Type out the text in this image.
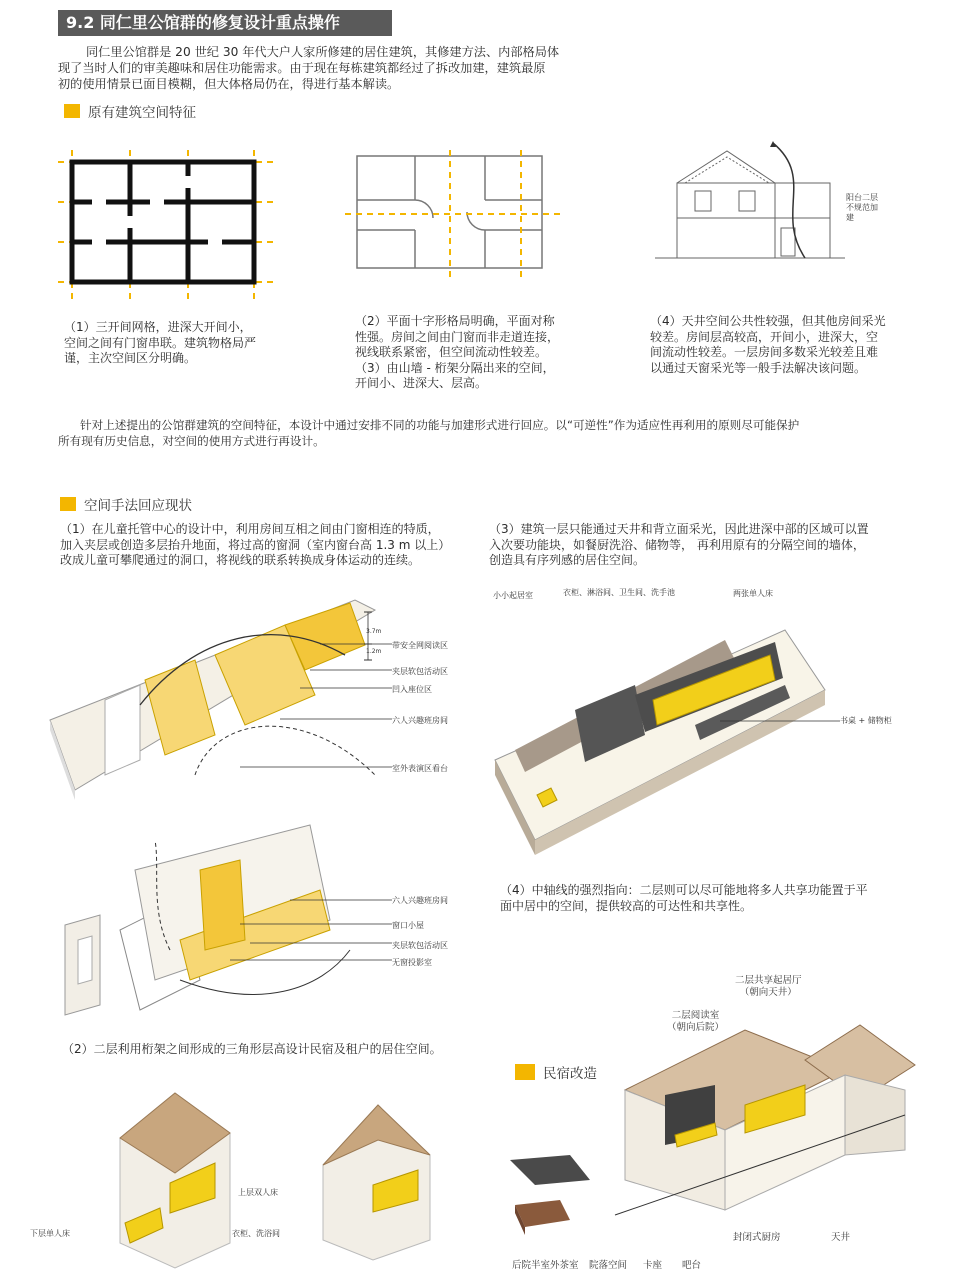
9.2 同仁里公馆群的修复设计重点操作
同仁里公馆群是 20 世纪 30 年代大户人家所修建的居住建筑，其修建方法、内部格局体
现了当时人们的审美趣味和居住功能需求。由于现在每栋建筑都经过了拆改加建，建筑最原
初的使用情景已面目模糊，但大体格局仍在，得进行基本解读。
原有建筑空间特征
阳台二层
不规范加
建
（1）三开间网格，进深大开间小，
空间之间有门窗串联。建筑物格局严
谨，主次空间区分明确。
（2）平面十字形格局明确，平面对称
性强。房间之间由门窗而非走道连接，
视线联系紧密，但空间流动性较差。
（3）由山墙 - 桁架分隔出来的空间，
开间小、进深大、层高。
（4）天井空间公共性较强，但其他房间采光
较差。房间层高较高，开间小，进深大，空
间流动性较差。一层房间多数采光较差且难
以通过天窗采光等一般手法解决该问题。
针对上述提出的公馆群建筑的空间特征，本设计中通过安排不同的功能与加建形式进行回应。以“可逆性”作为适应性再利用的原则尽可能保护
所有现有历史信息，对空间的使用方式进行再设计。
空间手法回应现状
（1）在儿童托管中心的设计中，利用房间互相之间由门窗相连的特质，
加入夹层或创造多层抬升地面，将过高的窗洞（室内窗台高 1.3 m 以上）
改成儿童可攀爬通过的洞口，将视线的联系转换成身体运动的连续。
（3）建筑一层只能通过天井和背立面采光，因此进深中部的区域可以置
入次要功能块，如餐厨洗浴、储物等， 再利用原有的分隔空间的墙体，
创造具有序列感的居住空间。
3.7m
1.2m
带安全网阅读区
夹层软包活动区
凹入座位区
六人兴趣班房间
室外表演区看台
六人兴趣班房间
窗口小屋
夹层软包活动区
无窗投影室
小小起居室	衣柜、淋浴间、卫生间、洗手池	两张单人床
书桌 + 储物柜
（4）中轴线的强烈指向：二层则可以尽可能地将多人共享功能置于平
面中居中的空间，提供较高的可达性和共享性。
（2）二层利用桁架之间形成的三角形层高设计民宿及租户的居住空间。
民宿改造
上层双人床
下层单人床	衣柜、洗浴间
二层共享起居厅
（朝向天井）
二层阅读室
（朝向后院）
封闭式厨房	天井
卡座 吧台
后院半室外茶室 院落空间
